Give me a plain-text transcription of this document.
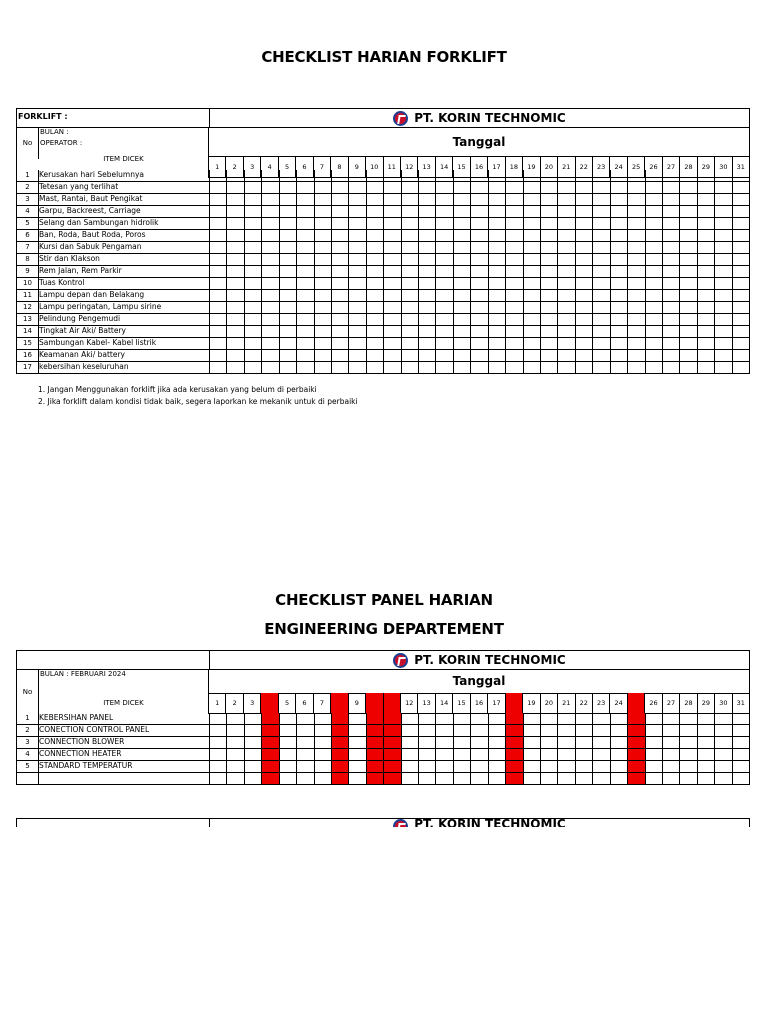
CHECKLIST HARIAN FORKLIFT
FORKLIFT :	PT. KORIN TECHNOMIC
No
BULAN :
OPERATOR :
ITEM DICEK
Tanggal
1	2	3	4	5	6	7	8	9	10	11	12	13	14	15	16	17	18	19	20	21	22	23	24	25	26	27	28	29	30	31
1	Kerusakan hari Sebelumnya
2	Tetesan yang terlihat
3	Mast, Rantai, Baut Pengikat
4	Garpu, Backreest, Carriage
5	Selang dan Sambungan hidrolik
6	Ban, Roda, Baut Roda, Poros
7	Kursi dan Sabuk Pengaman
8	Stir dan Klakson
9	Rem Jalan, Rem Parkir
10 Tuas Kontrol
11 Lampu depan dan Belakang
12 Lampu peringatan, Lampu sirine
13 Pelindung Pengemudi
14 Tingkat Air Aki/ Battery
15 Sambungan Kabel- Kabel listrik
16 Keamanan Aki/ battery
17 kebersihan keseluruhan
1. Jangan Menggunakan forklift jika ada kerusakan yang belum di perbaiki
2. Jika forklift dalam kondisi tidak baik, segera laporkan ke mekanik untuk di perbaiki
CHECKLIST PANEL HARIAN
ENGINEERING DEPARTEMENT
PT. KORIN TECHNOMIC
No
BULAN : FEBRUARI 2024
ITEM DICEK
Tanggal
1	2	3	4	5	6	7	8	9	10	11	12	13	14	15	16	17	18	19	20	21	22	23	24	25	26	27	28	29	30	31
1	KEBERSIHAN PANEL
2	CONECTION CONTROL PANEL
3	CONNECTION BLOWER
4	CONNECTION HEATER
5	STANDARD TEMPERATUR
PT. KORIN TECHNOMIC
